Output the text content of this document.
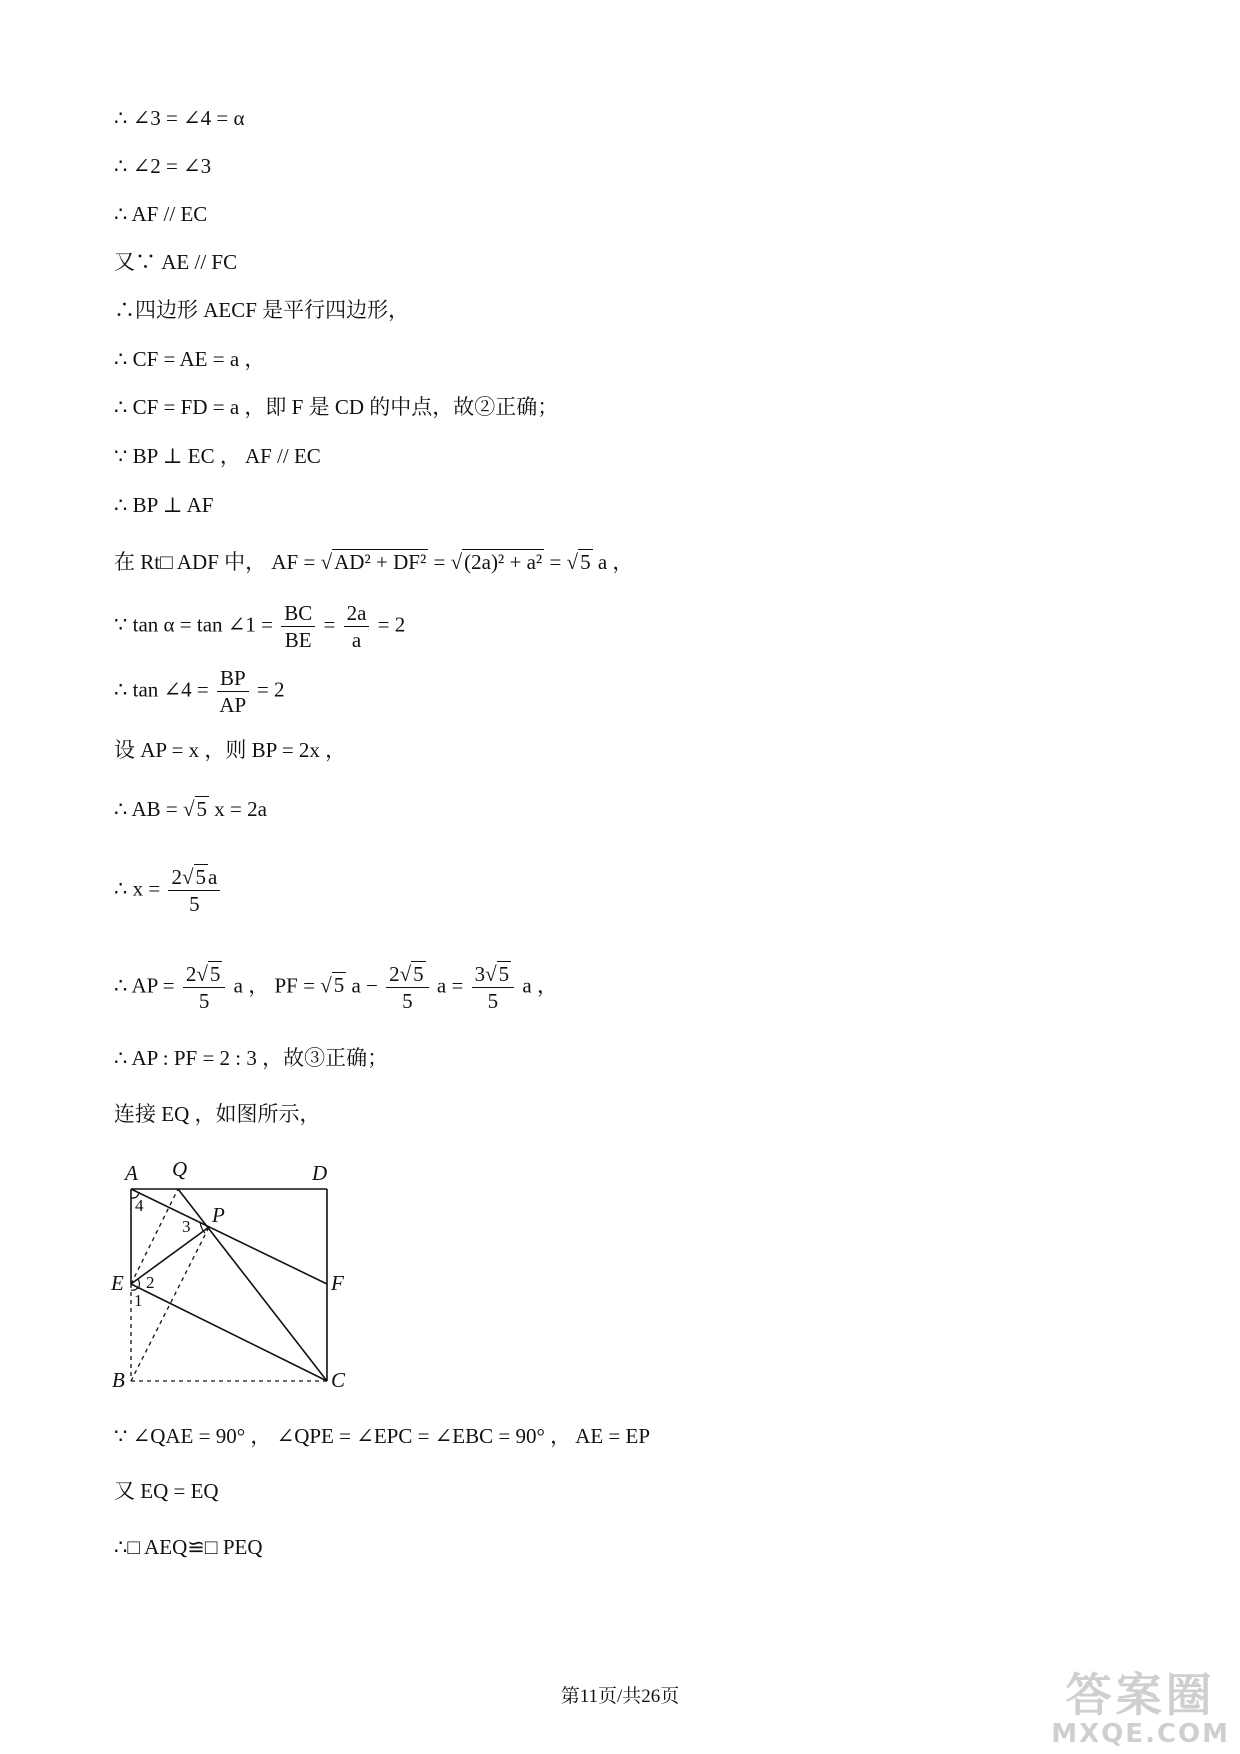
∴ ∠3 = ∠4 = α
∴ ∠2 = ∠3
∴ AF // EC
又∵ AE // FC
∴四边形 AECF 是平行四边形，
∴ CF = AE = a ，
∴ CF = FD = a ，即 F 是 CD 的中点，故②正确；
∵ BP ⊥ EC ， AF // EC
∴ BP ⊥ AF
在 Rt□ ADF 中， AF = √AD² + DF² = √(2a)² + a² = √5 a ，
∵ tan α = tan ∠1 = $\frac{BC}{BE} = \frac{2a}{a} = 2$
∴ tan ∠4 = $\frac{BP}{AP} = 2$
设 AP = x ，则 BP = 2x ，
∴ AB = √5 x = 2a
∴ $x = \frac{2√5a}{5}$
∴ AP = $\frac{2√5}{5}$ a ， PF = √5 $a - \frac{2√5}{5}$ $a = \frac{3√5}{5}$ a ，
∴ AP : PF = 2 : 3 ，故③正确；
连接 EQ ，如图所示，
A Q	D
P
E	F
B	C
4
3
2
1
∵ ∠QAE = 90° ， ∠QPE = ∠EPC = ∠EBC = 90° ， AE = EP
又 EQ = EQ
∴□ AEQ≌□ PEQ
第11页/共26页	答案圈
MXQE.COM
